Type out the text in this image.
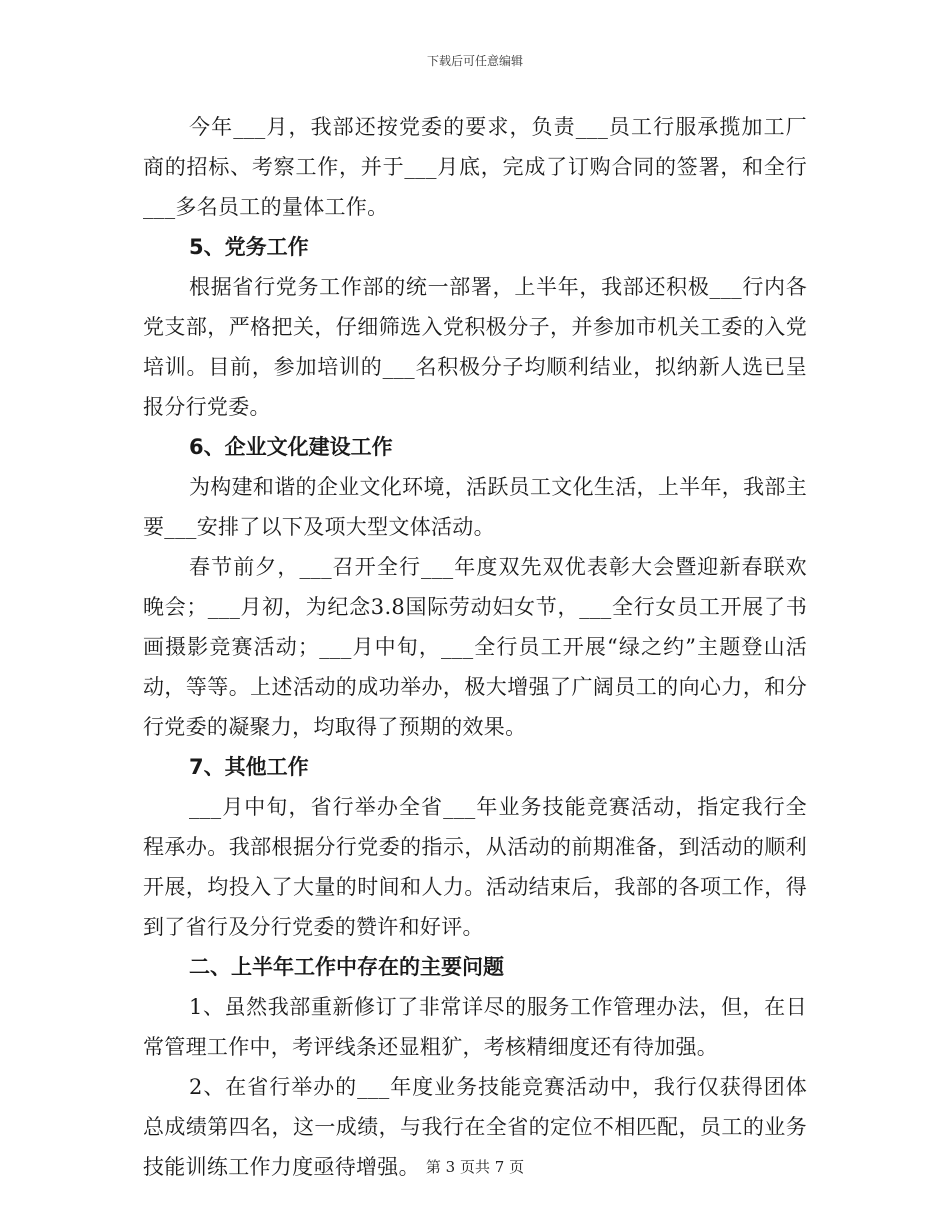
下载后可任意编辑

今年___月，我部还按党委的要求，负责___员工行服承揽加工厂商的招标、考察工作，并于___月底，完成了订购合同的签署，和全行___多名员工的量体工作。

5、党务工作

根据省行党务工作部的统一部署，上半年，我部还积极___行内各党支部，严格把关，仔细筛选入党积极分子，并参加市机关工委的入党培训。目前，参加培训的___名积极分子均顺利结业，拟纳新人选已呈报分行党委。

6、企业文化建设工作

为构建和谐的企业文化环境，活跃员工文化生活，上半年，我部主要___安排了以下及项大型文体活动。

春节前夕，___召开全行___年度双先双优表彰大会暨迎新春联欢晚会；___月初，为纪念3.8国际劳动妇女节，___全行女员工开展了书画摄影竞赛活动；___月中旬，___全行员工开展“绿之约”主题登山活动，等等。上述活动的成功举办，极大增强了广阔员工的向心力，和分行党委的凝聚力，均取得了预期的效果。

7、其他工作

___月中旬，省行举办全省___年业务技能竞赛活动，指定我行全程承办。我部根据分行党委的指示，从活动的前期准备，到活动的顺利开展，均投入了大量的时间和人力。活动结束后，我部的各项工作，得到了省行及分行党委的赞许和好评。

二、上半年工作中存在的主要问题

1、虽然我部重新修订了非常详尽的服务工作管理办法，但，在日常管理工作中，考评线条还显粗犷，考核精细度还有待加强。

2、在省行举办的___年度业务技能竞赛活动中，我行仅获得团体总成绩第四名，这一成绩，与我行在全省的定位不相匹配，员工的业务技能训练工作力度亟待增强。 第 3 页共 7 页
